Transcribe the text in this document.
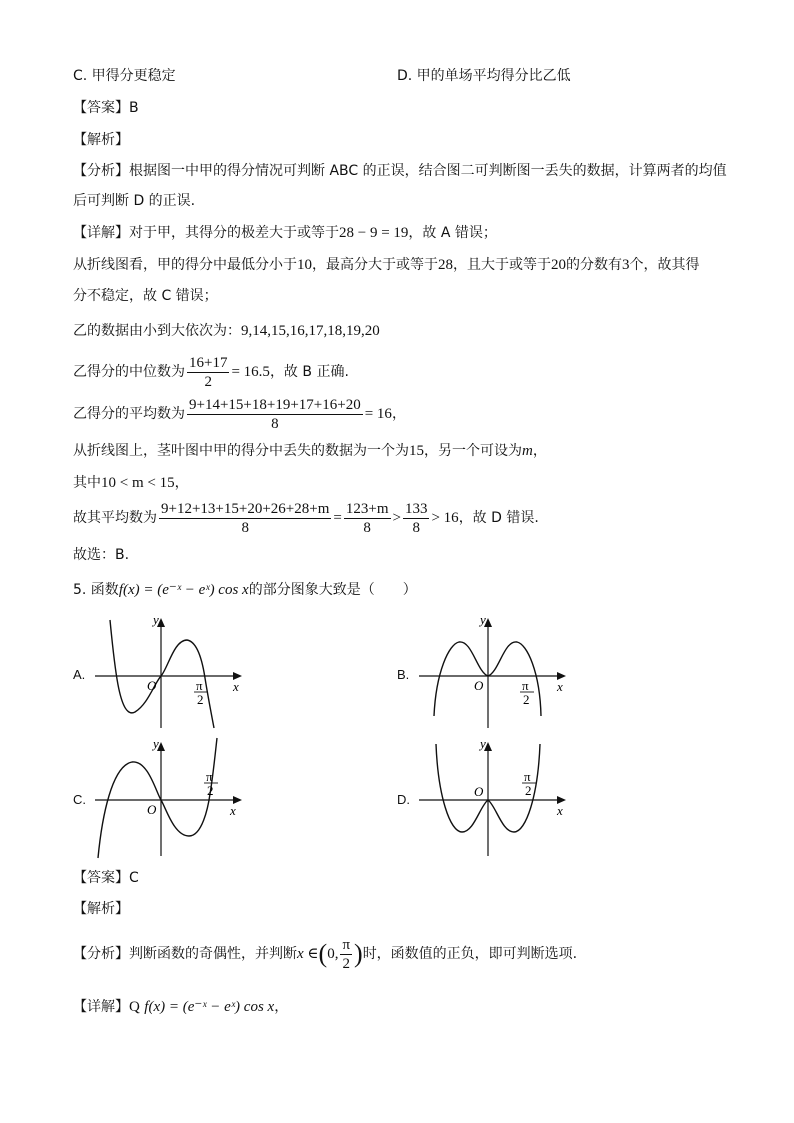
C. 甲得分更稳定	D. 甲的单场平均得分比乙低
【答案】B
【解析】
【分析】根据图一中甲的得分情况可判断 ABC 的正误，结合图二可判断图一丢失的数据，计算两者的均值
后可判断 D 的正误.
【详解】对于甲，其得分的极差大于或等于28 − 9 = 19，故 A 错误；
从折线图看，甲的得分中最低分小于10，最高分大于或等于28，且大于或等于20的分数有3个，故其得
分不稳定，故 C 错误；
乙的数据由小到大依次为：9,14,15,16,17,18,19,20
乙得分的中位数为 $\frac{16+17}{2} = 16.5$，故 B 正确.
乙得分的平均数为 $\frac{9+14+15+18+19+17+16+20}{8} = 16$，
从折线图上，茎叶图中甲的得分中丢失的数据为一个为15，另一个可设为m，
其中10 < m < 15，
故其平均数为 $\frac{9+12+13+15+20+26+28+m}{8} = \frac{123+m}{8} > \frac{133}{8} > 16$，故 D 错误.
故选：B.
5. 函数f(x) = (e⁻ˣ − eˣ) cos x的部分图象大致是（　　）
A.
y
x
O	π
2
B.
y
x
O	π
2
C.
y
x
O
π
2
D.
y
x
O
π
2
【答案】C
【解析】
【分析】判断函数的奇偶性，并判断x ∈(0, $\frac{\pi}{2}$ )时，函数值的正负，即可判断选项.
【详解】Q f(x) = (e⁻ˣ − eˣ) cos x，
